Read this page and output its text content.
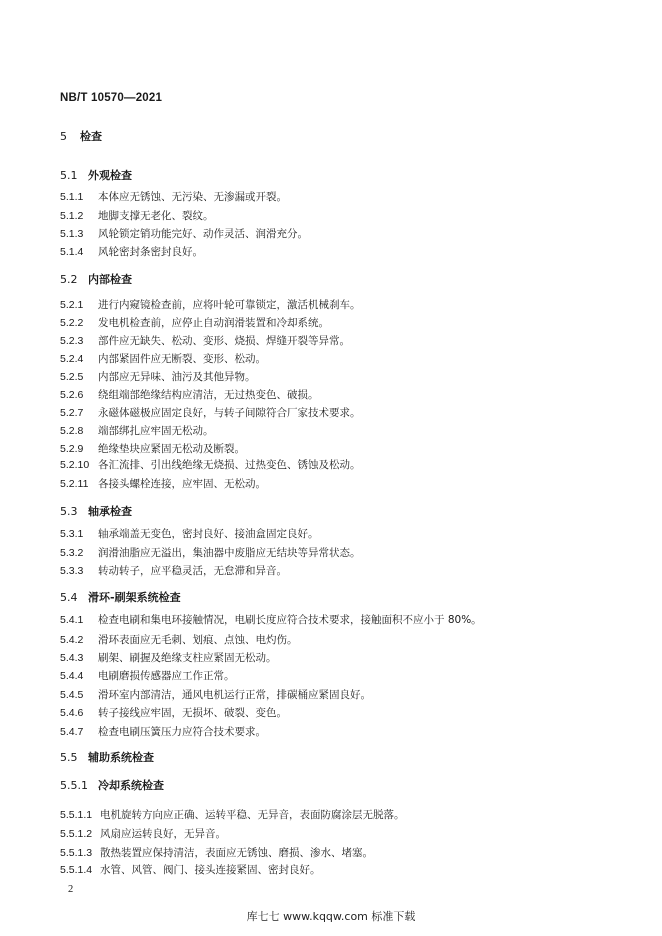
NB/T 10570—2021
5 检查
5.1 外观检查
5.1.1 本体应无锈蚀、无污染、无渗漏或开裂。
5.1.2 地脚支撑无老化、裂纹。
5.1.3 风轮锁定销功能完好、动作灵活、润滑充分。
5.1.4 风轮密封条密封良好。
5.2 内部检查
5.2.1 进行内窥镜检查前，应将叶轮可靠锁定，激活机械刹车。
5.2.2 发电机检查前，应停止自动润滑装置和冷却系统。
5.2.3 部件应无缺失、松动、变形、烧损、焊缝开裂等异常。
5.2.4 内部紧固件应无断裂、变形、松动。
5.2.5 内部应无异味、油污及其他异物。
5.2.6 绕组端部绝缘结构应清洁，无过热变色、破损。
5.2.7 永磁体磁极应固定良好，与转子间隙符合厂家技术要求。
5.2.8 端部绑扎应牢固无松动。
5.2.9 绝缘垫块应紧固无松动及断裂。
5.2.10 各汇流排、引出线绝缘无烧损、过热变色、锈蚀及松动。
5.2.11 各接头螺栓连接，应牢固、无松动。
5.3 轴承检查
5.3.1 轴承端盖无变色，密封良好、接油盒固定良好。
5.3.2 润滑油脂应无溢出，集油器中废脂应无结块等异常状态。
5.3.3 转动转子，应平稳灵活，无怠滞和异音。
5.4 滑环-刷架系统检查
5.4.1 检查电刷和集电环接触情况，电刷长度应符合技术要求，接触面积不应小于 80%。
5.4.2 滑环表面应无毛刺、划痕、点蚀、电灼伤。
5.4.3 刷架、刷握及绝缘支柱应紧固无松动。
5.4.4 电刷磨损传感器应工作正常。
5.4.5 滑环室内部清洁，通风电机运行正常，排碳桶应紧固良好。
5.4.6 转子接线应牢固，无损坏、破裂、变色。
5.4.7 检查电刷压簧压力应符合技术要求。
5.5 辅助系统检查
5.5.1 冷却系统检查
5.5.1.1 电机旋转方向应正确、运转平稳、无异音，表面防腐涂层无脱落。
5.5.1.2 风扇应运转良好，无异音。
5.5.1.3 散热装置应保持清洁，表面应无锈蚀、磨损、渗水、堵塞。
5.5.1.4 水管、风管、阀门、接头连接紧固、密封良好。
2
库七七 www.kqqw.com 标准下载
